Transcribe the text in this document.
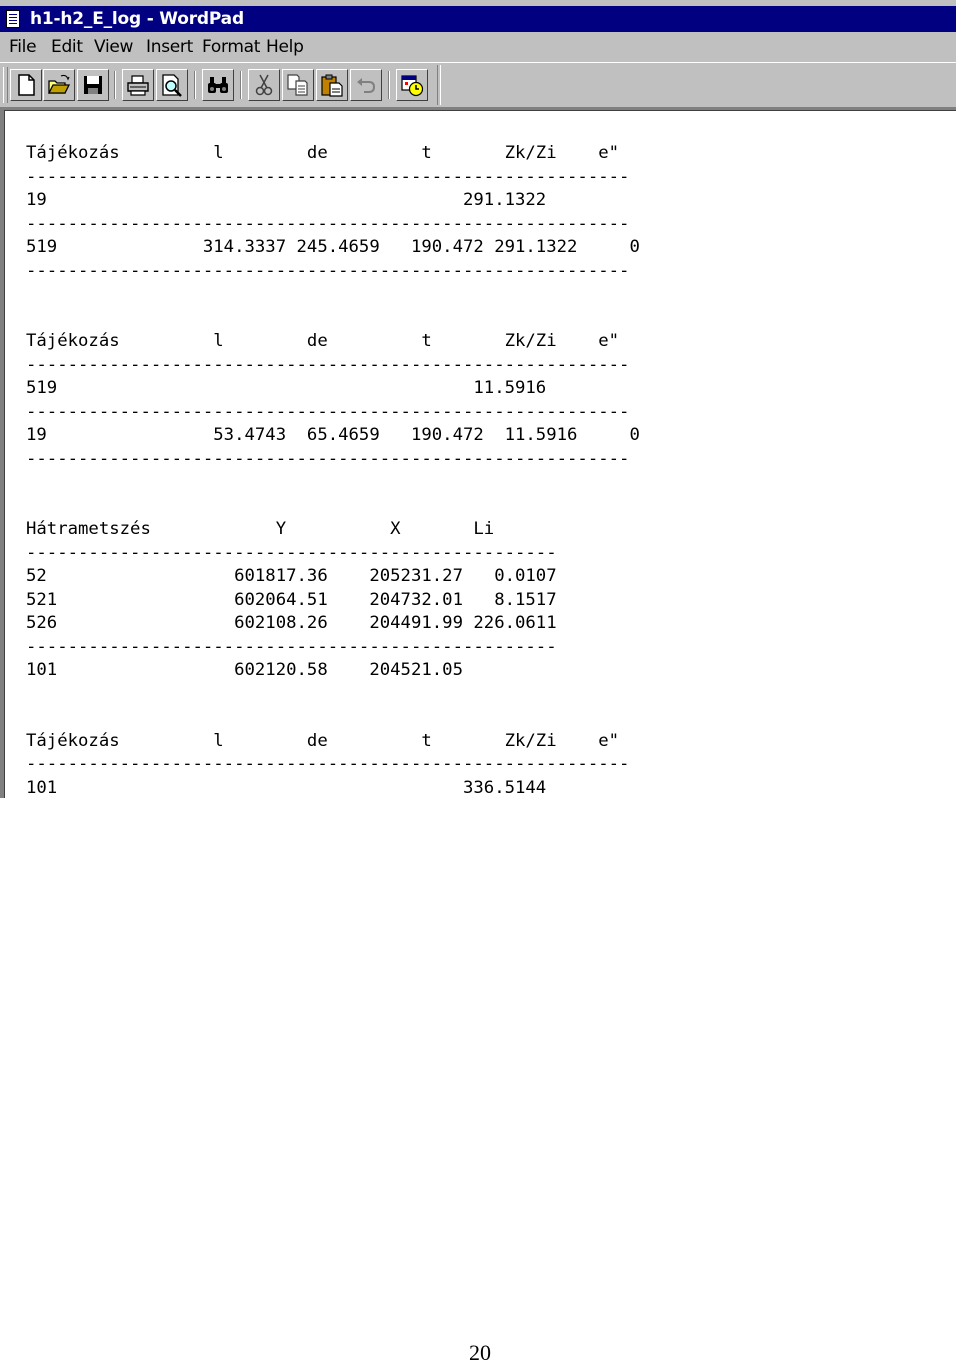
h1-h2_E_log - WordPad
File Edit View Insert Format Help
Tájékozás         l        de         t       Zk/Zi    e"
----------------------------------------------------------
19                                        291.1322
----------------------------------------------------------
519              314.3337 245.4659   190.472 291.1322     0
----------------------------------------------------------
Tájékozás         l        de         t       Zk/Zi    e"
----------------------------------------------------------
519                                        11.5916
----------------------------------------------------------
19                53.4743  65.4659   190.472  11.5916     0
----------------------------------------------------------
Hátrametszés            Y          X       Li
---------------------------------------------------
52                  601817.36    205231.27   0.0107
521                 602064.51    204732.01   8.1517
526                 602108.26    204491.99 226.0611
---------------------------------------------------
101                 602120.58    204521.05
Tájékozás         l        de         t       Zk/Zi    e"
----------------------------------------------------------
101                                       336.5144
20
